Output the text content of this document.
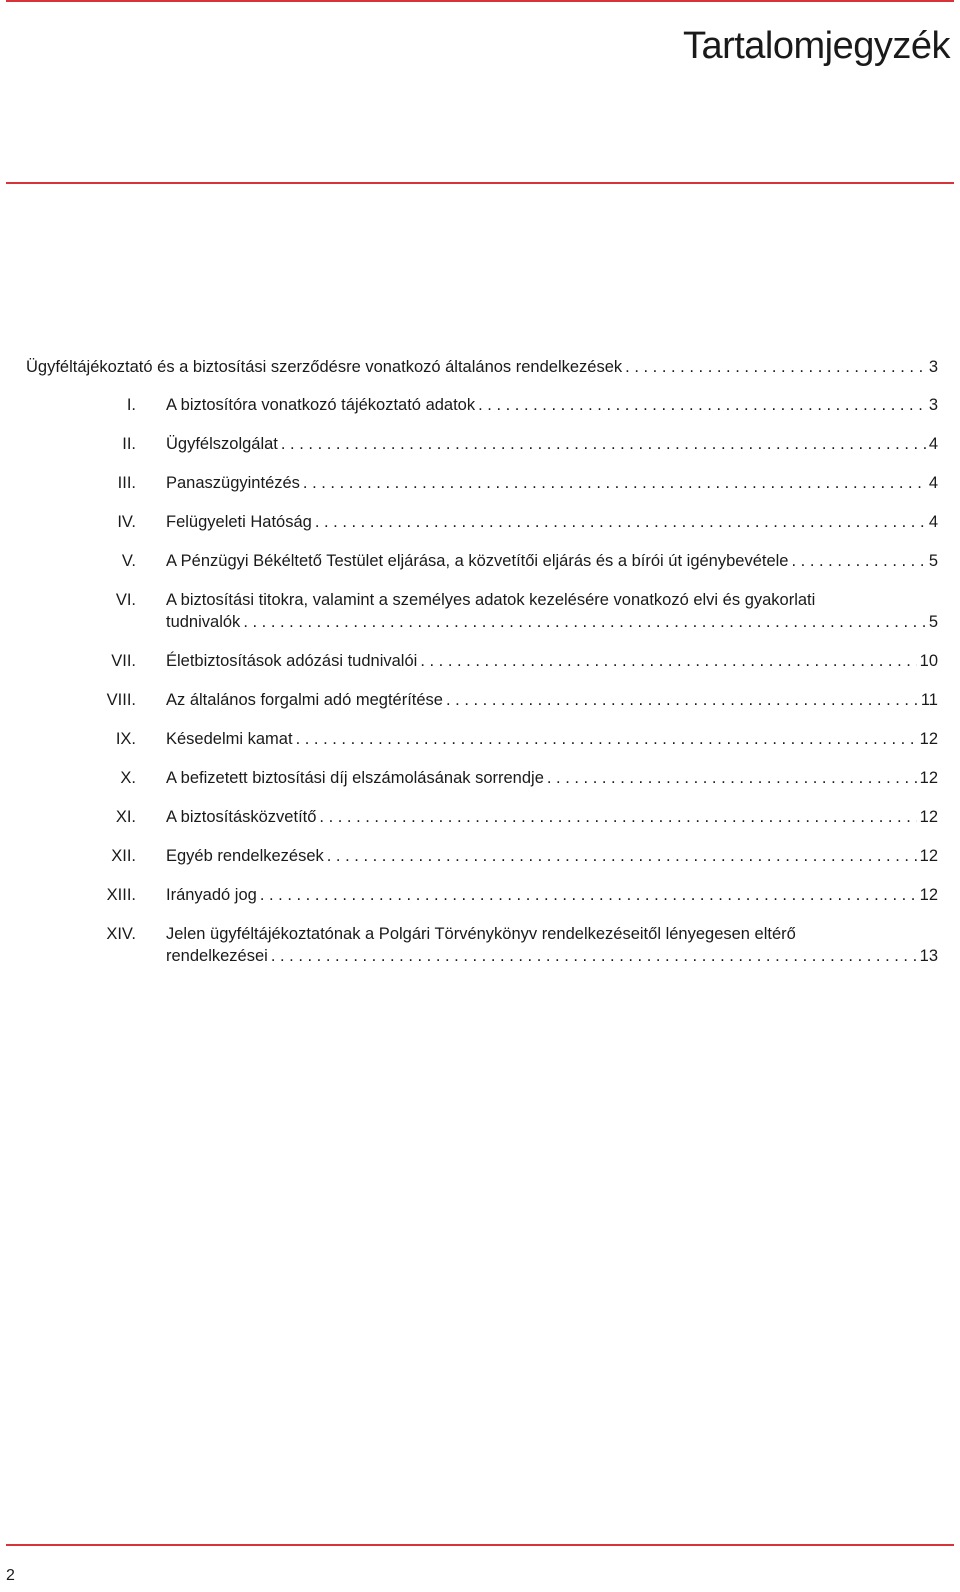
Tartalomjegyzék
Ügyféltájékoztató és a biztosítási szerződésre vonatkozó általános rendelkezések . . .	3
I. A biztosítóra vonatkozó tájékoztató adatok . . .	3
II. Ügyfélszolgálat . . .	4
III. Panaszügyintézés . . .	4
IV. Felügyeleti Hatóság . . .	4
V. A Pénzügyi Békéltető Testület eljárása, a közvetítői eljárás és a bírói út igénybevétele . . .	5
VI. A biztosítási titokra, valamint a személyes adatok kezelésére vonatkozó elvi és gyakorlati
tudnivalók . . .	5
VII. Életbiztosítások adózási tudnivalói . . .	10
VIII. Az általános forgalmi adó megtérítése . . .	11
IX. Késedelmi kamat . . .	12
X. A befizetett biztosítási díj elszámolásának sorrendje . . .	12
XI. A biztosításközvetítő . . .	12
XII. Egyéb rendelkezések . . .	12
XIII. Irányadó jog . . .	12
XIV. Jelen ügyféltájékoztatónak a Polgári Törvénykönyv rendelkezéseitől lényegesen eltérő
rendelkezései . . .	13
2
